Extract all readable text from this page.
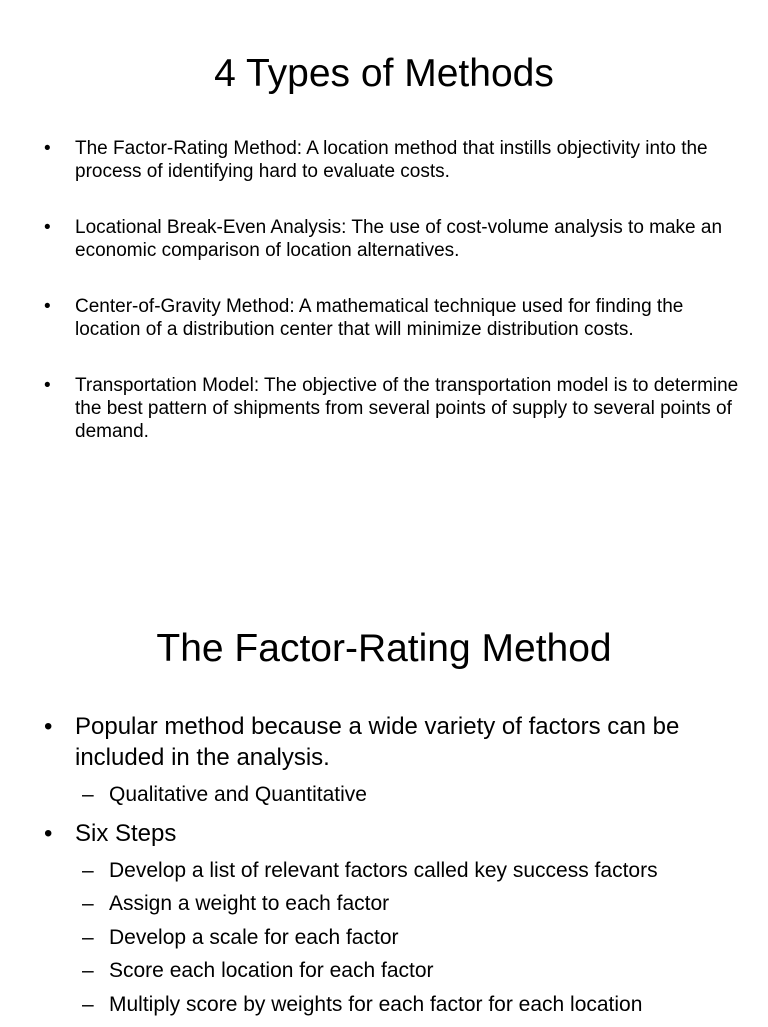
4 Types of Methods
• The Factor-Rating Method: A location method that instills objectivity into the process of identifying hard to evaluate costs.
• Locational Break-Even Analysis: The use of cost-volume analysis to make an economic comparison of location alternatives.
• Center-of-Gravity Method: A mathematical technique used for finding the location of a distribution center that will minimize distribution costs.
• Transportation Model: The objective of the transportation model is to determine the best pattern of shipments from several points of supply to several points of demand.
The Factor-Rating Method
• Popular method because a wide variety of factors can be included in the analysis.
– Qualitative and Quantitative
• Six Steps
– Develop a list of relevant factors called key success factors
– Assign a weight to each factor
– Develop a scale for each factor
– Score each location for each factor
– Multiply score by weights for each factor for each location
